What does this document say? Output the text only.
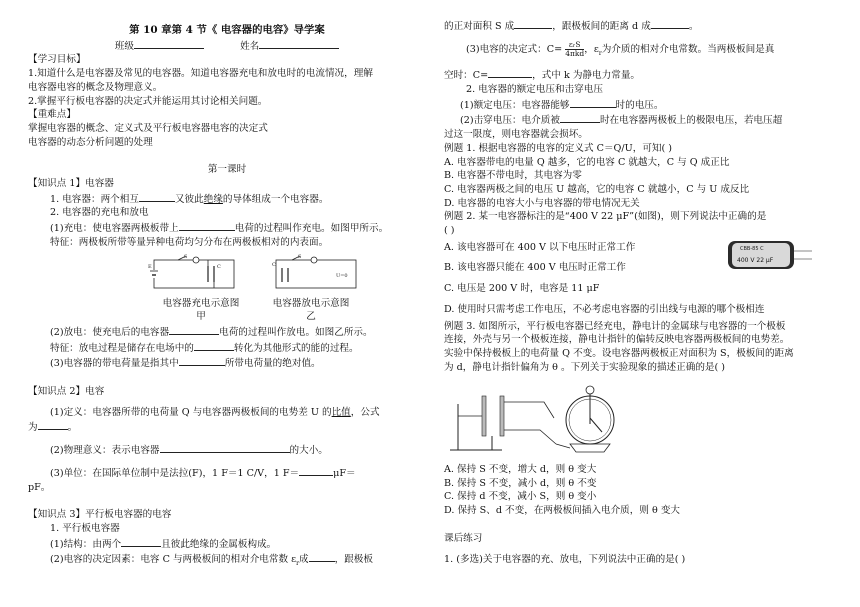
第 10 章第 4 节《 电容器的电容》导学案
班级	姓名
【学习目标】
1.知道什么是电容器及常见的电容器。知道电容器充电和放电时的电流情况，理解
电容器电容的概念及物理意义。
2.掌握平行板电容器的决定式并能运用其讨论相关问题。
【重难点】
掌握电容器的概念、定义式及平行板电容器电容的决定式
电容器的动态分析问题的处理
第一课时
【知识点 1】电容器
1. 电容器：两个相互	又彼此绝缘的导体组成一个电容器。
2. 电容器的充电和放电
(1)充电：使电容器两极板带上	电荷的过程叫作充电。如图甲所示。
特征：两极板所带等量异种电荷均匀分布在两极板相对的内表面。
E
S
C
U=0
S
C
电容器充电示意图	电容器放电示意图
甲	乙
(2)放电：使充电后的电容器	电荷的过程叫作放电。如图乙所示。
特征：放电过程是储存在电场中的	转化为其他形式的能的过程。
(3)电容器的带电荷量是指其中	所带电荷量的绝对值。
【知识点 2】电容
(1)定义：电容器所带的电荷量 Q 与电容器两极板间的电势差 U 的比值，公式
为	。
(2)物理意义：表示电容器	的大小。
(3)单位：在国际单位制中是法拉(F)，1 F＝1 C/V，1 F＝	μF＝
pF。
【知识点 3】平行板电容器的电容
1. 平行板电容器
(1)结构：由两个	且彼此绝缘的金属板构成。
(2)电容的决定因素：电容 C 与两极板间的相对介电常数 $\varepsilon_r$成	，跟极板
的正对面积 S 成	，跟极板间的距离 d 成	。
(3)电容的决定式：C= εᵣS
4πkd ，$\varepsilon_r$为介质的相对介电常数。当两极板间是真
空时：C=	，式中 k 为静电力常量。
2. 电容器的额定电压和击穿电压
(1)额定电压：电容器能够	时的电压。
(2)击穿电压：电介质被	时在电容器两极板上的极限电压，若电压超
过这一限度，则电容器就会损坏。
例题 1. 根据电容器的电容的定义式 C＝Q/U，可知( )
A. 电容器带电的电量 Q 越多，它的电容 C 就越大，C 与 Q 成正比
B. 电容器不带电时，其电容为零
C. 电容器两极之间的电压 U 越高，它的电容 C 就越小，C 与 U 成反比
D. 电容器的电容大小与电容器的带电情况无关
例题 2. 某一电容器标注的是“400 V 22 μF”(如图)，则下列说法中正确的是
( )
A. 该电容器可在 400 V 以下电压时正常工作
B. 该电容器只能在 400 V 电压时正常工作
C. 电压是 200 V 时，电容是 11 μF
D. 使用时只需考虑工作电压，不必考虑电容器的引出线与电源的哪个极相连
CBB-85 C
400 V 22 μF
例题 3. 如图所示，平行板电容器已经充电，静电计的金属球与电容器的一个极板
连接，外壳与另一个极板连接，静电计指针的偏转反映电容器两极板间的电势差。
实验中保持极板上的电荷量 Q 不变。设电容器两极板正对面积为 S，极板间的距离
为 d，静电计指针偏角为 θ 。下列关于实验现象的描述正确的是( )
A. 保持 S 不变，增大 d，则 θ 变大
B. 保持 S 不变，减小 d，则 θ 不变
C. 保持 d 不变，减小 S，则 θ 变小
D. 保持 S、d 不变，在两极板间插入电介质，则 θ 变大
课后练习
1. (多选)关于电容器的充、放电，下列说法中正确的是( )
